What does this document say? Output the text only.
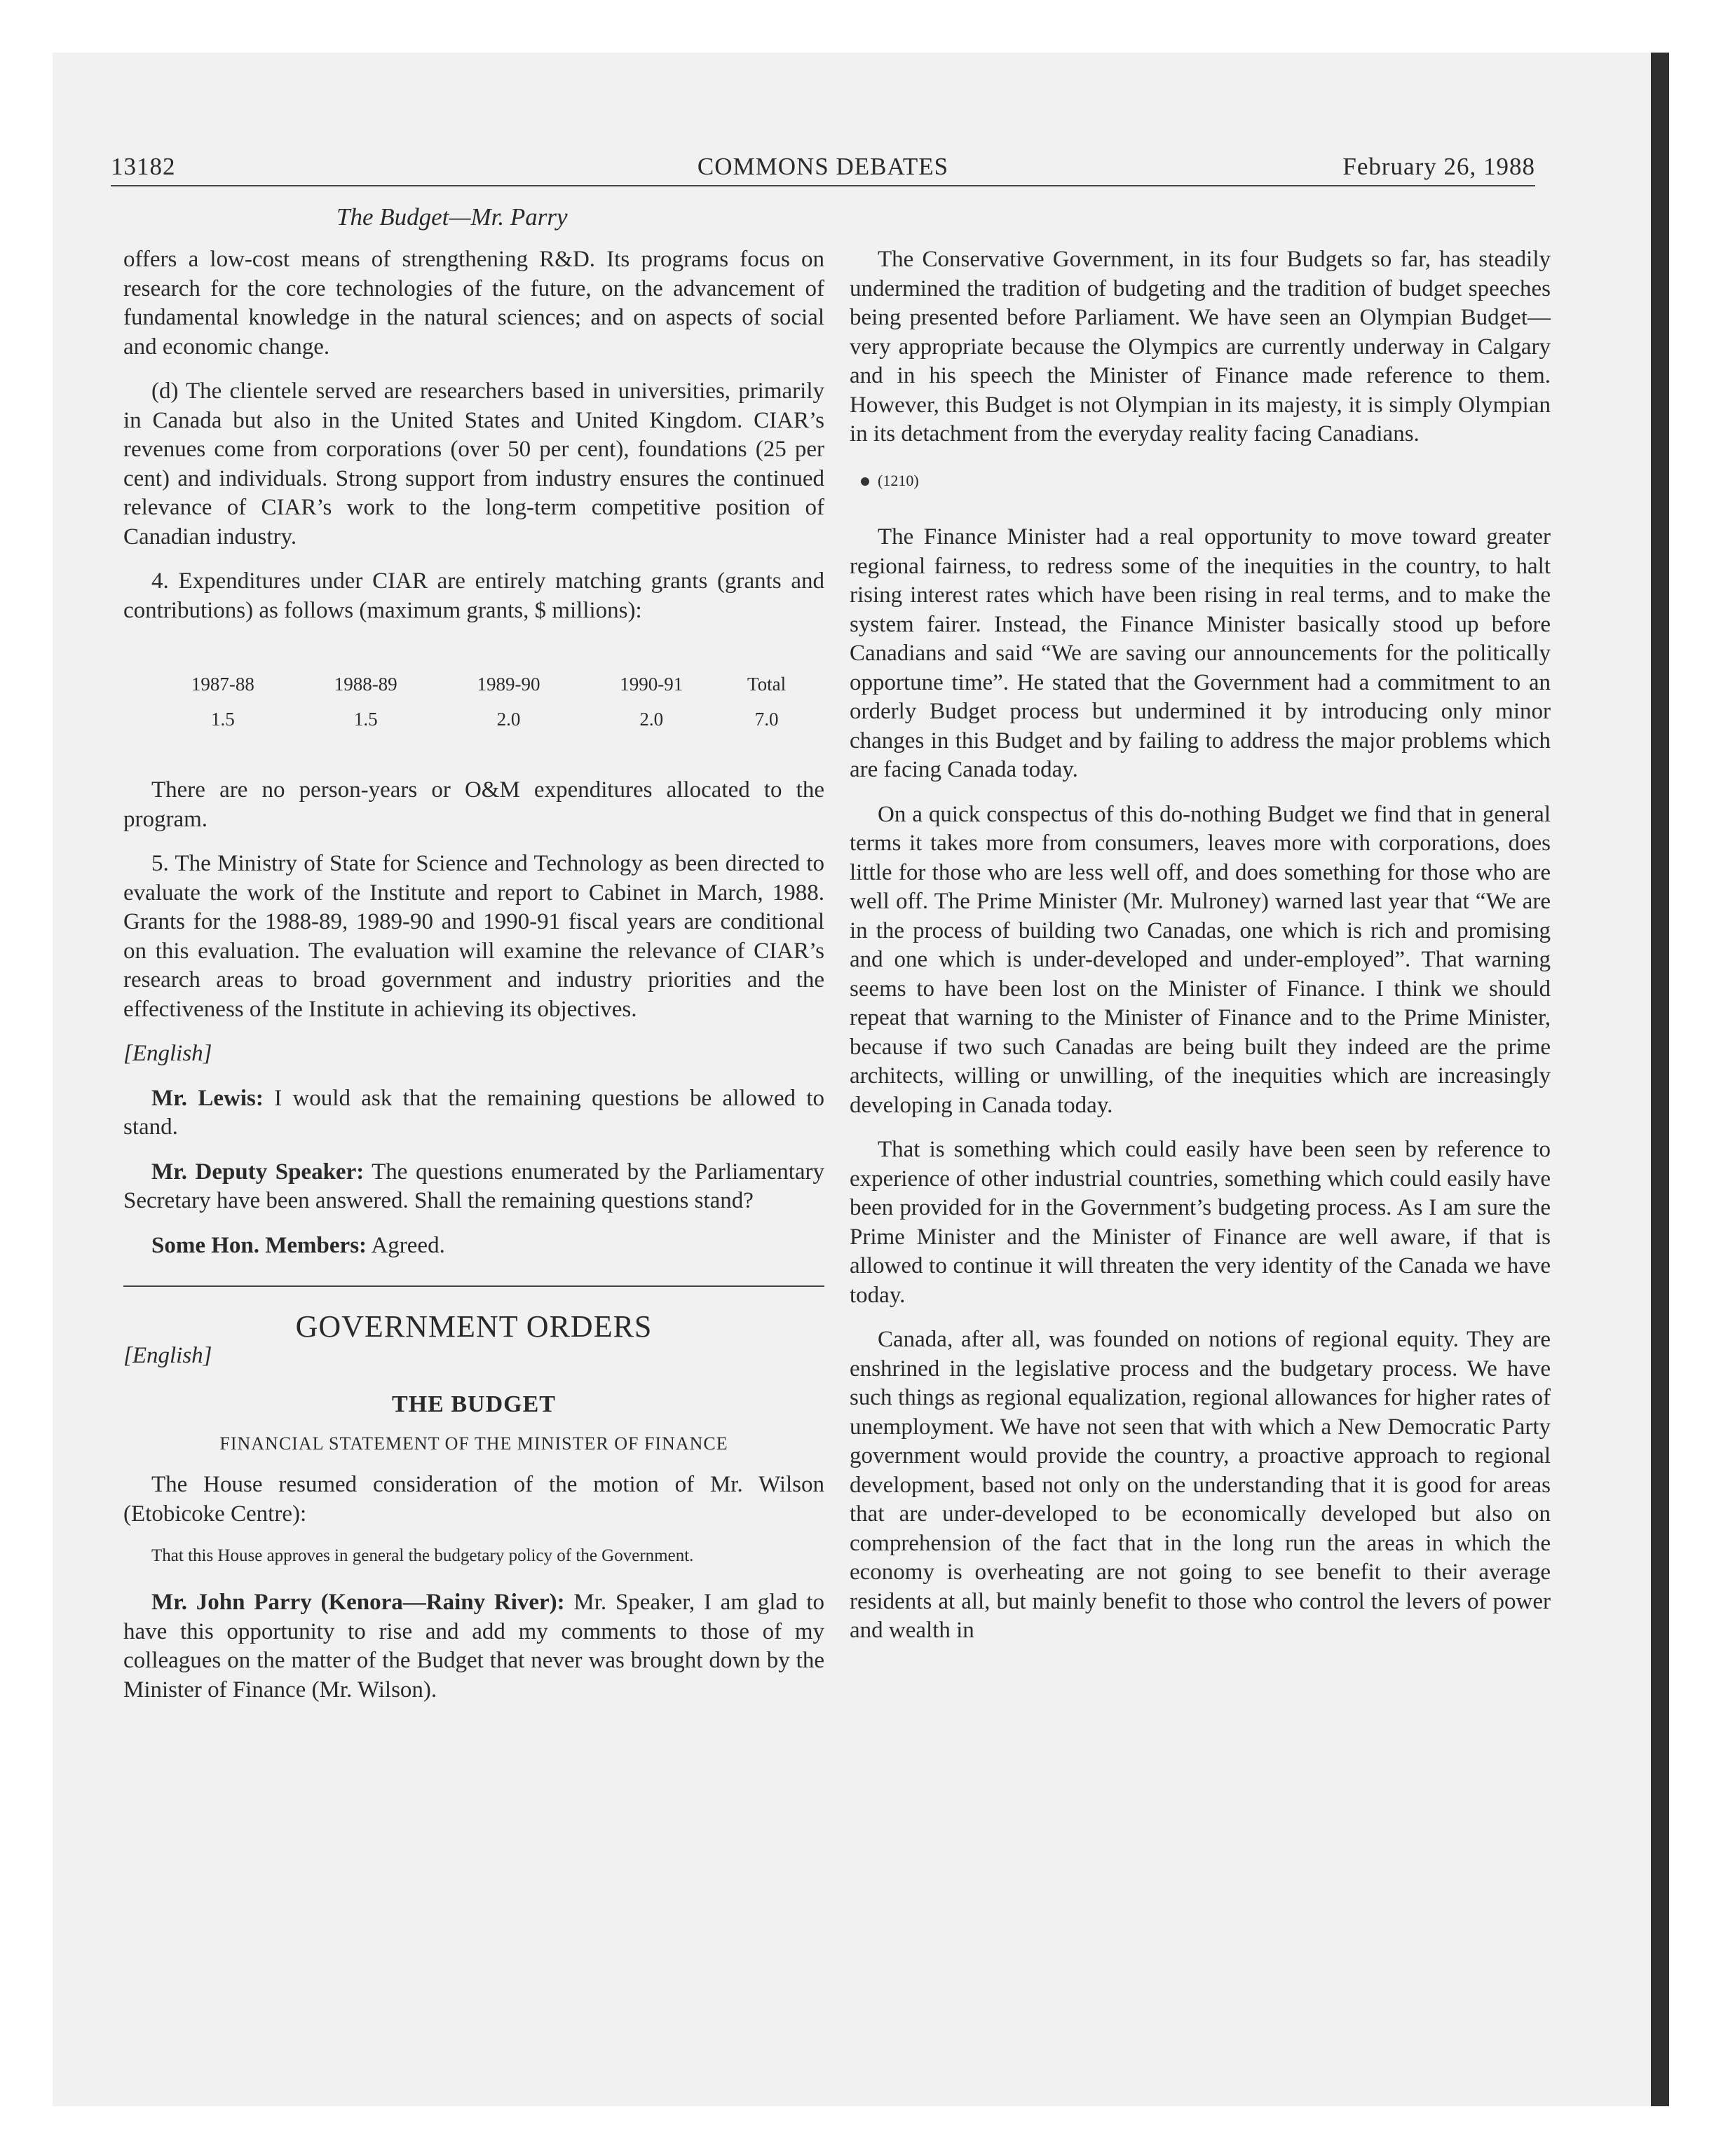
13182	COMMONS DEBATES	February 26, 1988
The Budget—Mr. Parry

offers a low-cost means of strengthening R&D. Its programs focus on research for the core technologies of the future, on the advancement of fundamental knowledge in the natural sciences; and on aspects of social and economic change.

(d) The clientele served are researchers based in universities, primarily in Canada but also in the United States and United Kingdom. CIAR’s revenues come from corporations (over 50 per cent), foundations (25 per cent) and individuals. Strong support from industry ensures the continued relevance of CIAR’s work to the long-term competitive position of Canadian industry.

4. Expenditures under CIAR are entirely matching grants (grants and contributions) as follows (maximum grants, $ millions):

1987-88	1988-89	1989-90	1990-91	Total
1.5	1.5	2.0	2.0	7.0

There are no person-years or O&M expenditures allocated to the program.

5. The Ministry of State for Science and Technology as been directed to evaluate the work of the Institute and report to Cabinet in March, 1988. Grants for the 1988-89, 1989-90 and 1990-91 fiscal years are conditional on this evaluation. The evaluation will examine the relevance of CIAR’s research areas to broad government and industry priorities and the effectiveness of the Institute in achieving its objectives.

[English]

Mr. Lewis: I would ask that the remaining questions be allowed to stand.

Mr. Deputy Speaker: The questions enumerated by the Parliamentary Secretary have been answered. Shall the remaining questions stand?

Some Hon. Members: Agreed.

GOVERNMENT ORDERS

[English]

THE BUDGET
FINANCIAL STATEMENT OF THE MINISTER OF FINANCE

The House resumed consideration of the motion of Mr. Wilson (Etobicoke Centre):

That this House approves in general the budgetary policy of the Government.

Mr. John Parry (Kenora—Rainy River): Mr. Speaker, I am glad to have this opportunity to rise and add my comments to those of my colleagues on the matter of the Budget that never was brought down by the Minister of Finance (Mr. Wilson).

The Conservative Government, in its four Budgets so far, has steadily undermined the tradition of budgeting and the tradition of budget speeches being presented before Parliament. We have seen an Olympian Budget—very appropriate because the Olympics are currently underway in Calgary and in his speech the Minister of Finance made reference to them. However, this Budget is not Olympian in its majesty, it is simply Olympian in its detachment from the everyday reality facing Canadians.

(1210)

The Finance Minister had a real opportunity to move toward greater regional fairness, to redress some of the inequities in the country, to halt rising interest rates which have been rising in real terms, and to make the system fairer. Instead, the Finance Minister basically stood up before Canadians and said “We are saving our announcements for the politically opportune time”. He stated that the Government had a commitment to an orderly Budget process but undermined it by introducing only minor changes in this Budget and by failing to address the major problems which are facing Canada today.

On a quick conspectus of this do-nothing Budget we find that in general terms it takes more from consumers, leaves more with corporations, does little for those who are less well off, and does something for those who are well off. The Prime Minister (Mr. Mulroney) warned last year that “We are in the process of building two Canadas, one which is rich and promising and one which is under-developed and under-employed”. That warning seems to have been lost on the Minister of Finance. I think we should repeat that warning to the Minister of Finance and to the Prime Minister, because if two such Canadas are being built they indeed are the prime architects, willing or unwilling, of the inequities which are increasingly developing in Canada today.

That is something which could easily have been seen by reference to experience of other industrial countries, something which could easily have been provided for in the Government’s budgeting process. As I am sure the Prime Minister and the Minister of Finance are well aware, if that is allowed to continue it will threaten the very identity of the Canada we have today.

Canada, after all, was founded on notions of regional equity. They are enshrined in the legislative process and the budgetary process. We have such things as regional equalization, regional allowances for higher rates of unemployment. We have not seen that with which a New Democratic Party government would provide the country, a proactive approach to regional development, based not only on the understanding that it is good for areas that are under-developed to be economically developed but also on comprehension of the fact that in the long run the areas in which the economy is overheating are not going to see benefit to their average residents at all, but mainly benefit to those who control the levers of power and wealth in
